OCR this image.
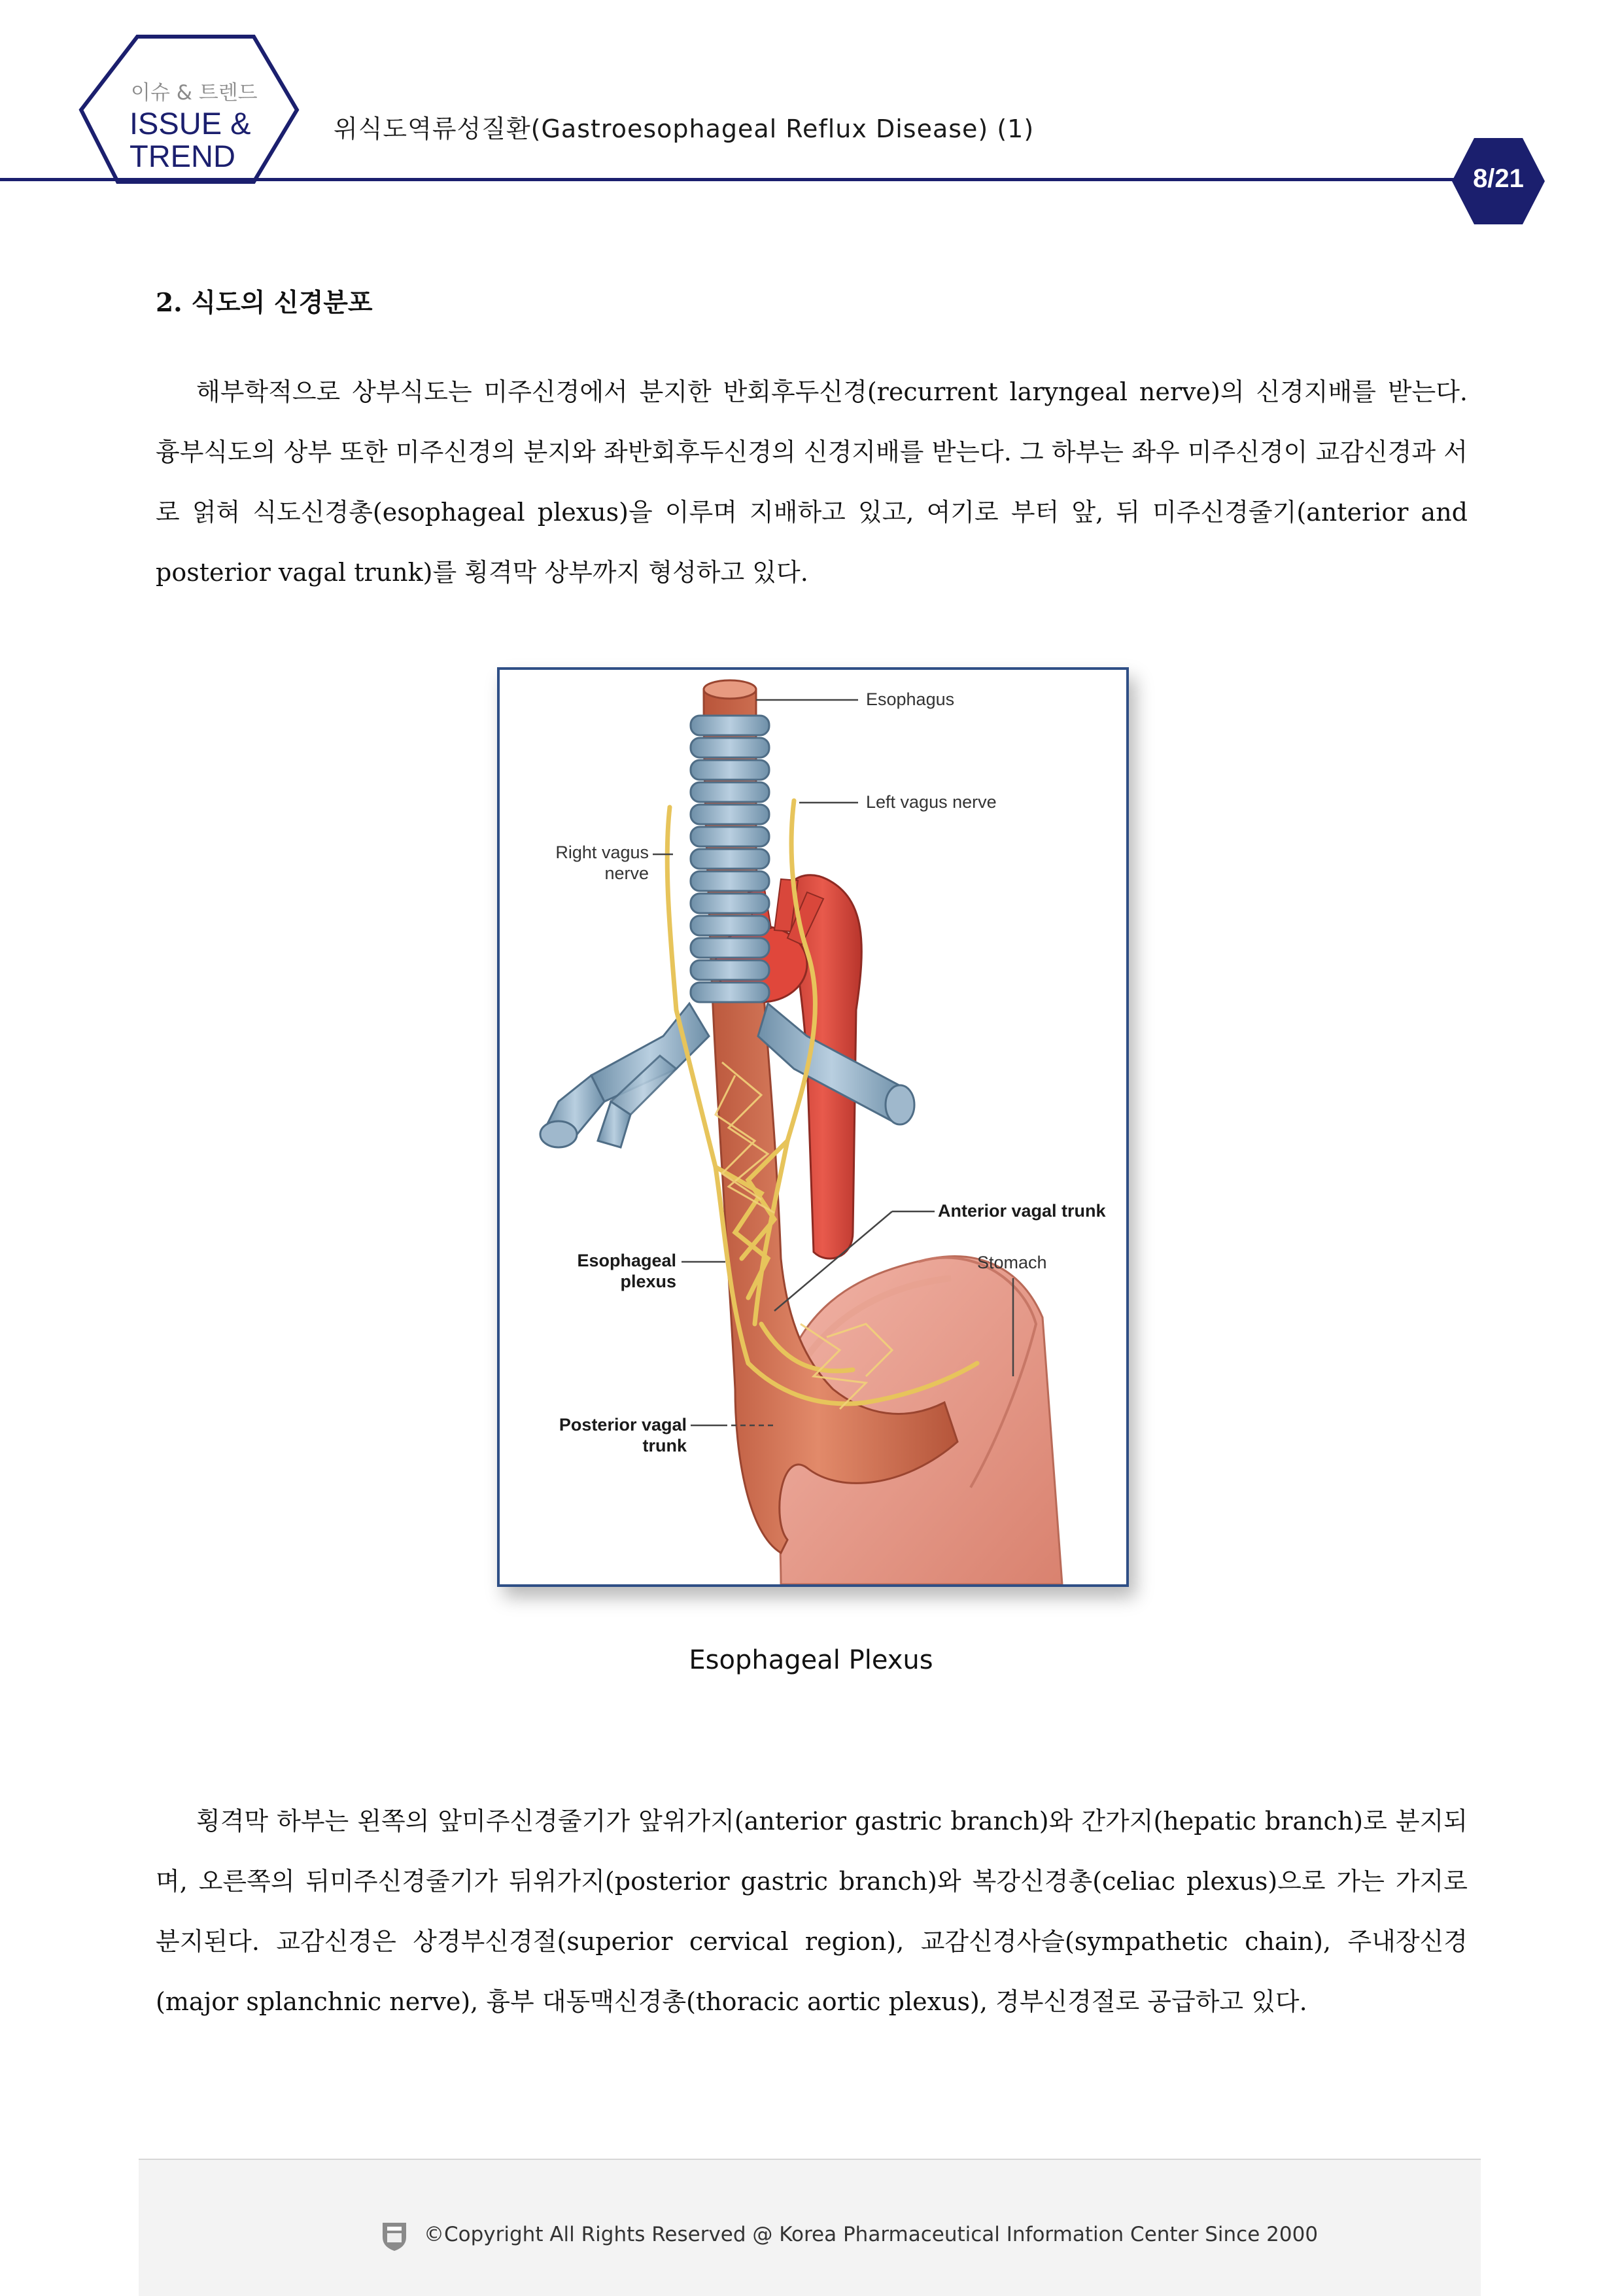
이슈 & 트렌드
ISSUE &
TREND
위식도역류성질환(Gastroesophageal Reflux Disease) (1)
8/21
2. 식도의 신경분포

해부학적으로 상부식도는 미주신경에서 분지한 반회후두신경(recurrent laryngeal nerve)의 신경지배를 받는다. 흉부식도의 상부 또한 미주신경의 분지와 좌반회후두신경의 신경지배를 받는다. 그 하부는 좌우 미주신경이 교감신경과 서로 얽혀 식도신경총(esophageal plexus)을 이루며 지배하고 있고, 여기로 부터 앞, 뒤 미주신경줄기(anterior and posterior vagal trunk)를 횡격막 상부까지 형성하고 있다.

Esophagus
Left vagus nerve
Right vagus
nerve
Anterior vagal trunk
Esophageal
plexus
Stomach
Posterior vagal
trunk
Esophageal Plexus

횡격막 하부는 왼쪽의 앞미주신경줄기가 앞위가지(anterior gastric branch)와 간가지(hepatic branch)로 분지되며, 오른쪽의 뒤미주신경줄기가 뒤위가지(posterior gastric branch)와 복강신경총(celiac plexus)으로 가는 가지로 분지된다. 교감신경은 상경부신경절(superior cervical region), 교감신경사슬(sympathetic chain), 주내장신경(major splanchnic nerve), 흉부 대동맥신경총(thoracic aortic plexus), 경부신경절로 공급하고 있다.

©Copyright All Rights Reserved @ Korea Pharmaceutical Information Center Since 2000
